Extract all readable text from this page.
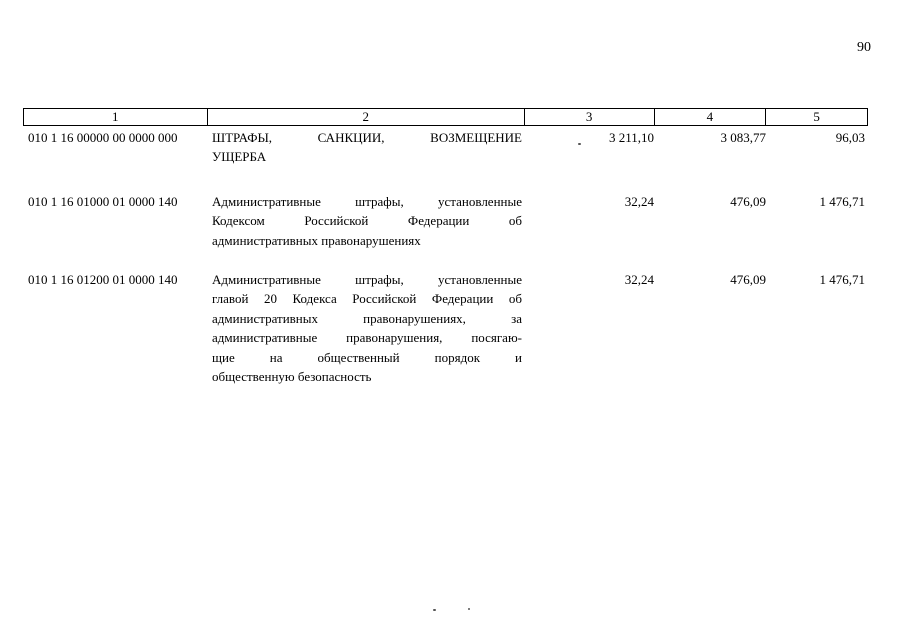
90
1	2	3	4	5
010 1 16 00000 00 0000 000	ШТРАФЫ, САНКЦИИ, ВОЗМЕЩЕНИЕ
УЩЕРБА
3 211,10	3 083,77	96,03
010 1 16 01000 01 0000 140	Административные штрафы, установленные
Кодексом Российской Федерации об
административных правонарушениях
32,24	476,09	1 476,71
010 1 16 01200 01 0000 140	Административные штрафы, установленные
главой 20 Кодекса Российской Федерации об
административных правонарушениях, за
административные правонарушения, посягаю-
щие на общественный порядок и
общественную безопасность
32,24	476,09	1 476,71
